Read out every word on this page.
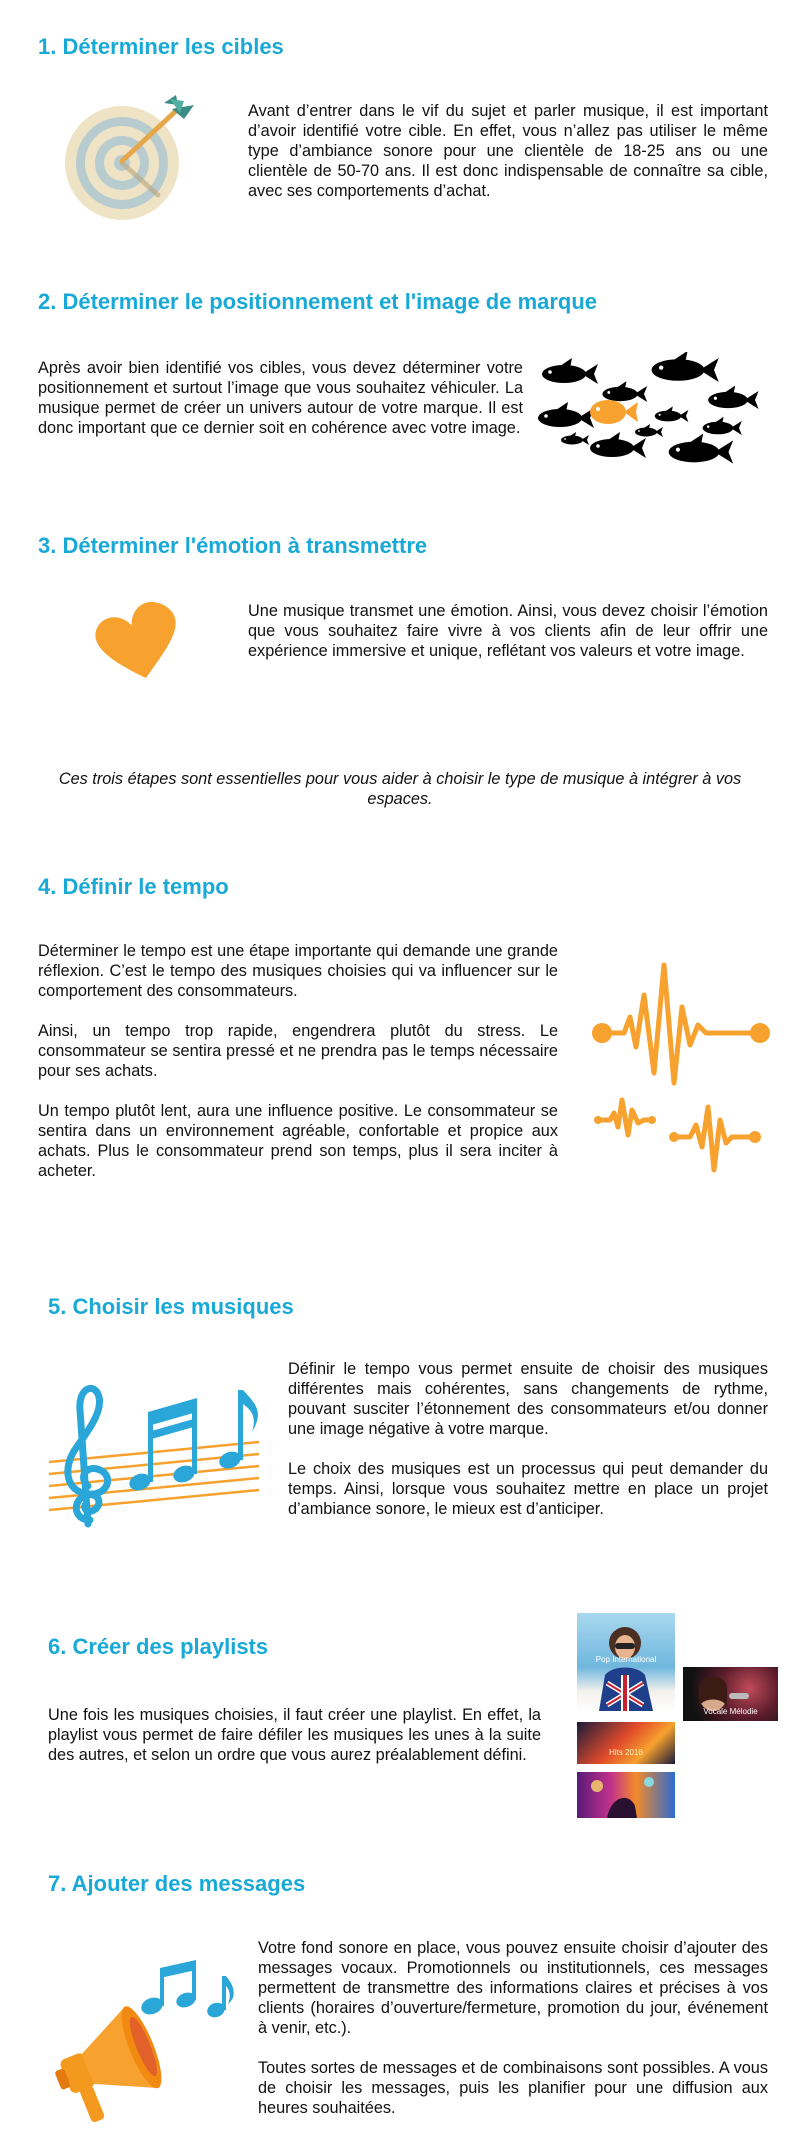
1. Déterminer les cibles
Avant d’entrer dans le vif du sujet et parler musique, il est important d’avoir identifié votre cible. En effet, vous n’allez pas utiliser le même type d’ambiance sonore pour une clientèle de 18-25 ans ou une clientèle de 50-70 ans. Il est donc indispensable de connaître sa cible, avec ses comportements d’achat.
2. Déterminer le positionnement et l'image de marque
Après avoir bien identifié vos cibles, vous devez déterminer votre positionnement et surtout l’image que vous souhaitez véhiculer. La musique permet de créer un univers autour de votre marque. Il est donc important que ce dernier soit en cohérence avec votre image.
3. Déterminer l'émotion à transmettre
Une musique transmet une émotion. Ainsi, vous devez choisir l’émotion que vous souhaitez faire vivre à vos clients afin de leur offrir une expérience immersive et unique, reflétant vos valeurs et votre image.
Ces trois étapes sont essentielles pour vous aider à choisir le type de musique à intégrer à vos espaces.
4. Définir le tempo
Déterminer le tempo est une étape importante qui demande une grande réflexion. C’est le tempo des musiques choisies qui va influencer sur le comportement des consommateurs.
Ainsi, un tempo trop rapide, engendrera plutôt du stress. Le consommateur se sentira pressé et ne prendra pas le temps nécessaire pour ses achats.
Un tempo plutôt lent, aura une influence positive. Le consommateur se sentira dans un environnement agréable, confortable et propice aux achats. Plus le consommateur prend son temps, plus il sera inciter à acheter.
5. Choisir les musiques
Définir le tempo vous permet ensuite de choisir des musiques différentes mais cohérentes, sans changements de rythme, pouvant susciter l’étonnement des consommateurs et/ou donner une image négative à votre marque.
Le choix des musiques est un processus qui peut demander du temps. Ainsi, lorsque vous souhaitez mettre en place un projet d’ambiance sonore, le mieux est d’anticiper.
6. Créer des playlists
Une fois les musiques choisies, il faut créer une playlist. En effet, la playlist vous permet de faire défiler les musiques les unes à la suite des autres, et selon un ordre que vous aurez préalablement défini.
Pop International
Vocale Mélodie
Hits 2016
7. Ajouter des messages
Votre fond sonore en place, vous pouvez ensuite choisir d’ajouter des messages vocaux. Promotionnels ou institutionnels, ces messages permettent de transmettre des informations claires et précises à vos clients (horaires d’ouverture/fermeture, promotion du jour, événement à venir, etc.).
Toutes sortes de messages et de combinaisons sont possibles. A vous de choisir les messages, puis les planifier pour une diffusion aux heures souhaitées.
